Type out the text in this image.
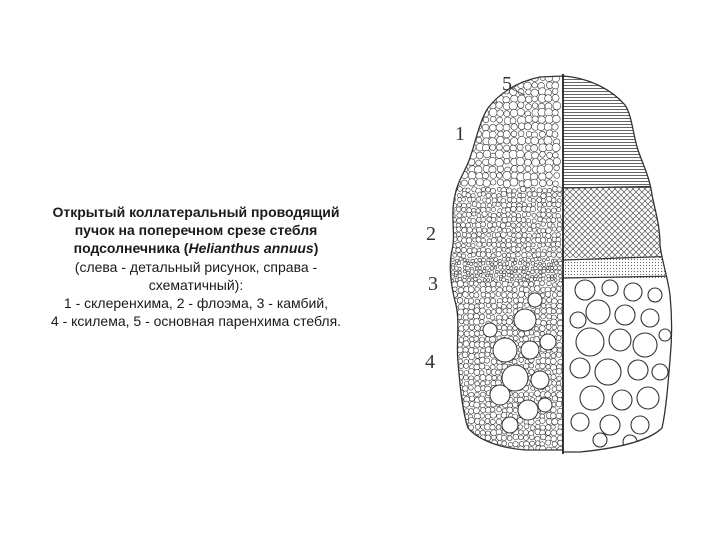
Открытый коллатеральный проводящий
пучок на поперечном срезе стебля
подсолнечника (Helianthus annuus)
(слева - детальный рисунок, справа -
схематичный):
1 - склеренхима, 2 - флоэма, 3 - камбий,
4 - ксилема, 5 - основная паренхима стебля.
5
1
2
3
4
